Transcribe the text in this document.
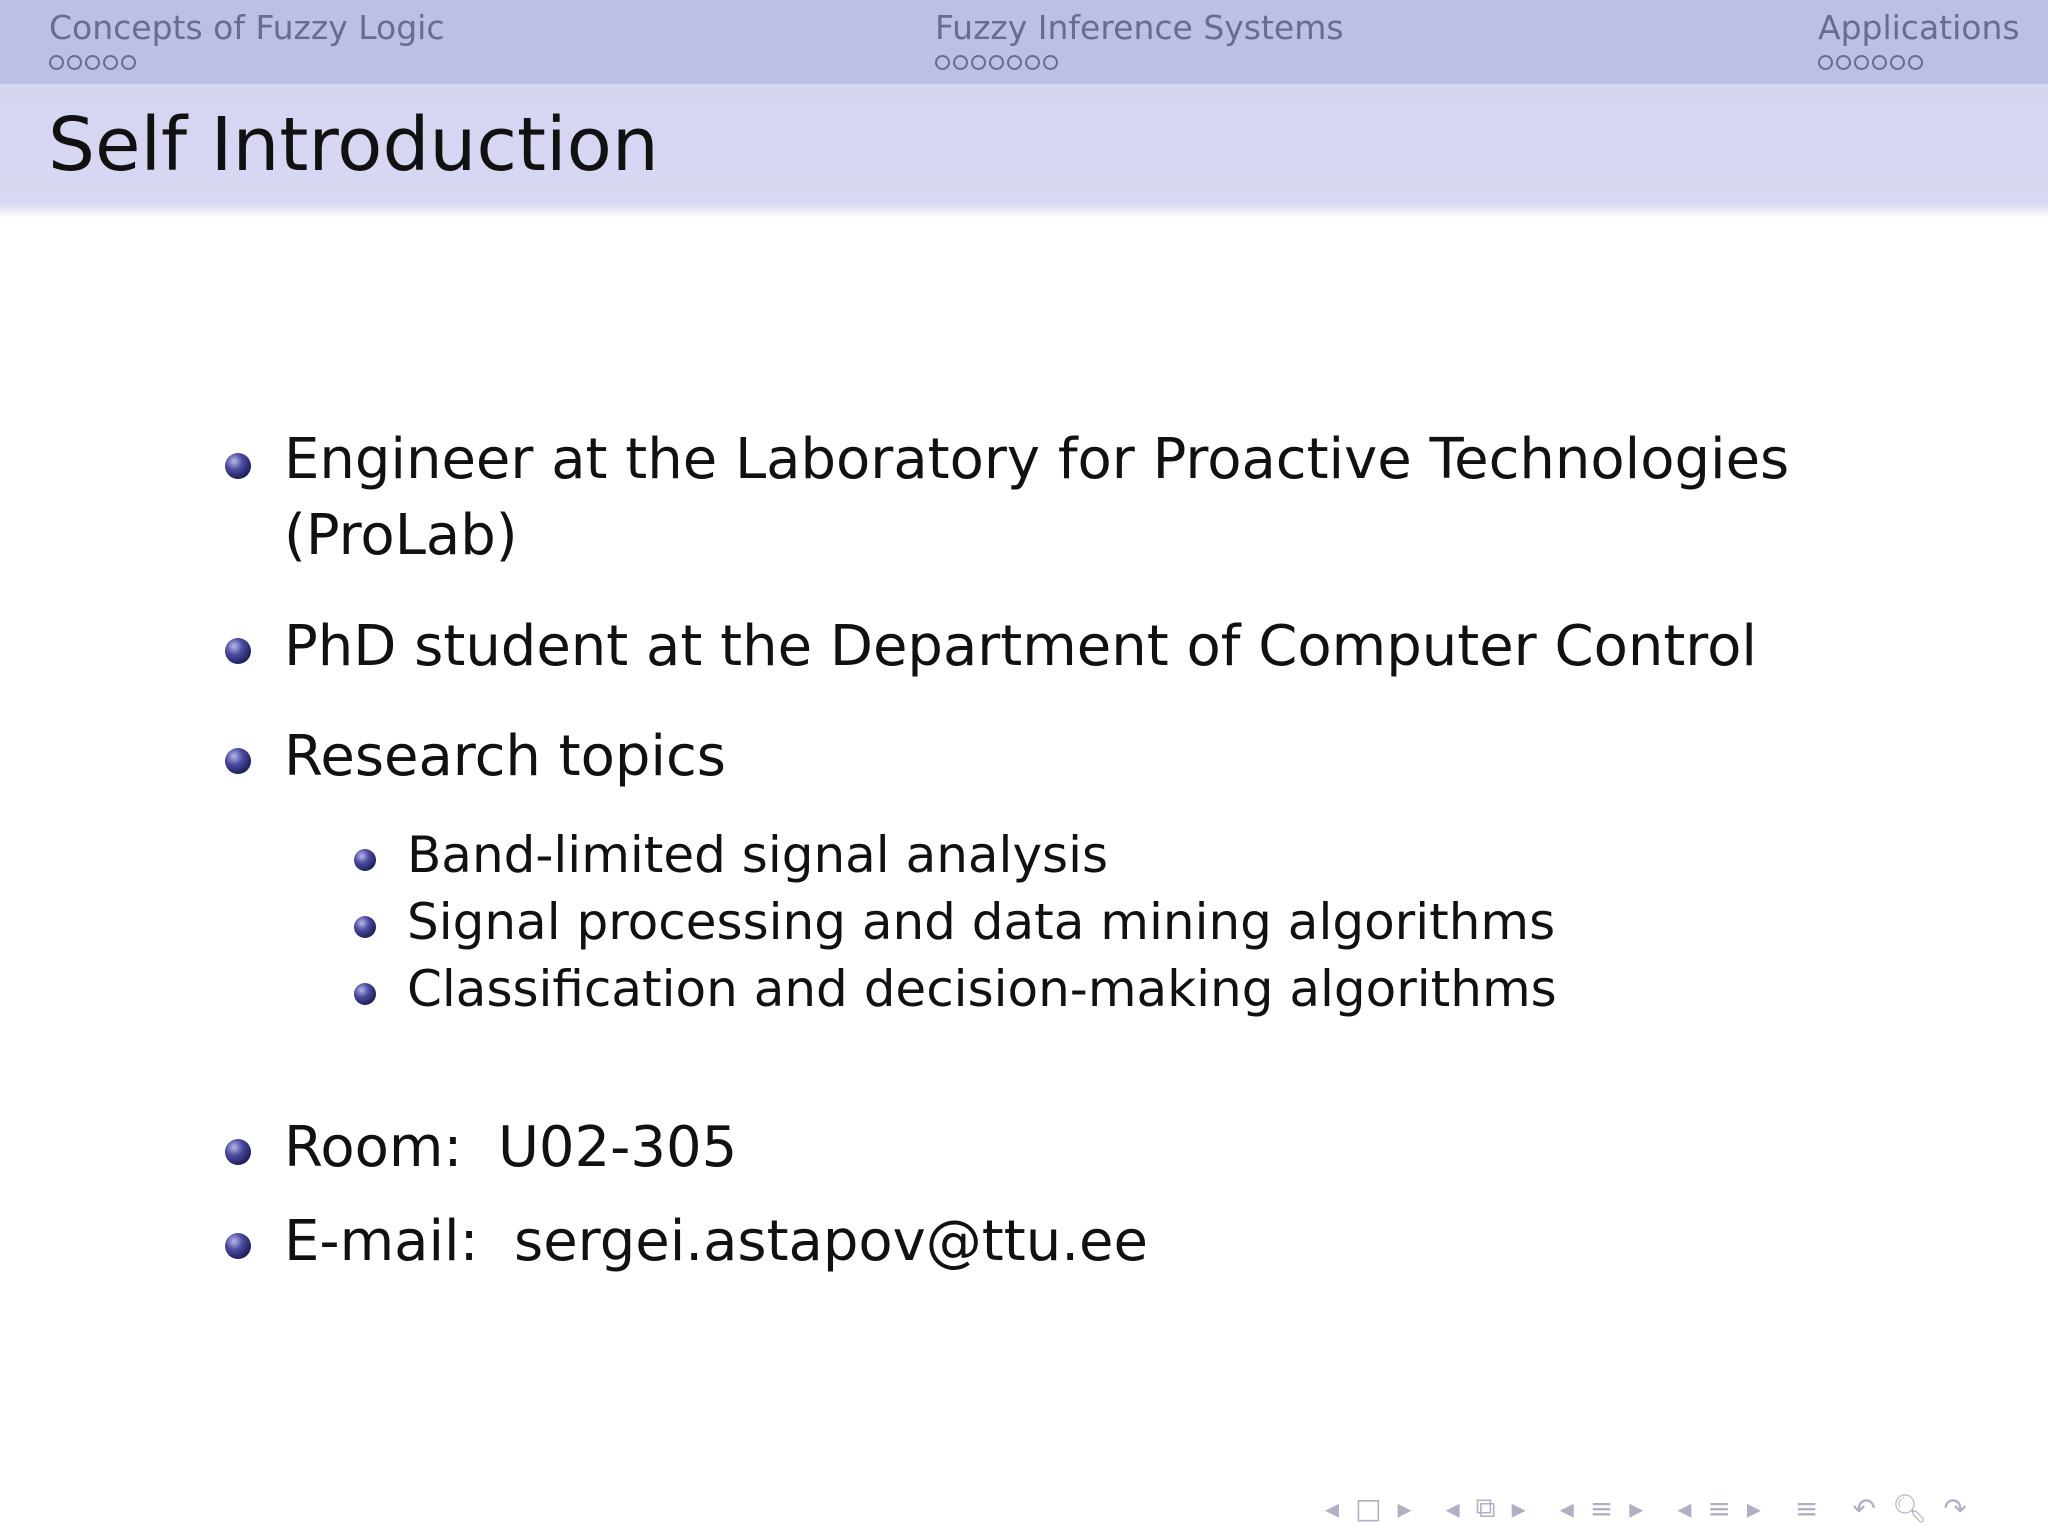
Concepts of Fuzzy Logic	Fuzzy Inference Systems	Applications
Self Introduction
Engineer at the Laboratory for Proactive Technologies
(ProLab)
PhD student at the Department of Computer Control
Research topics
Band-limited signal analysis
Signal processing and data mining algorithms
Classification and decision-making algorithms
Room:  U02-305
E-mail:  sergei.astapov@ttu.ee
◂ □ ▸ ◂ ⧉ ▸ ◂ ≡ ▸ ◂ ≡ ▸ ≡ ↶ 🔍︎ ↷
